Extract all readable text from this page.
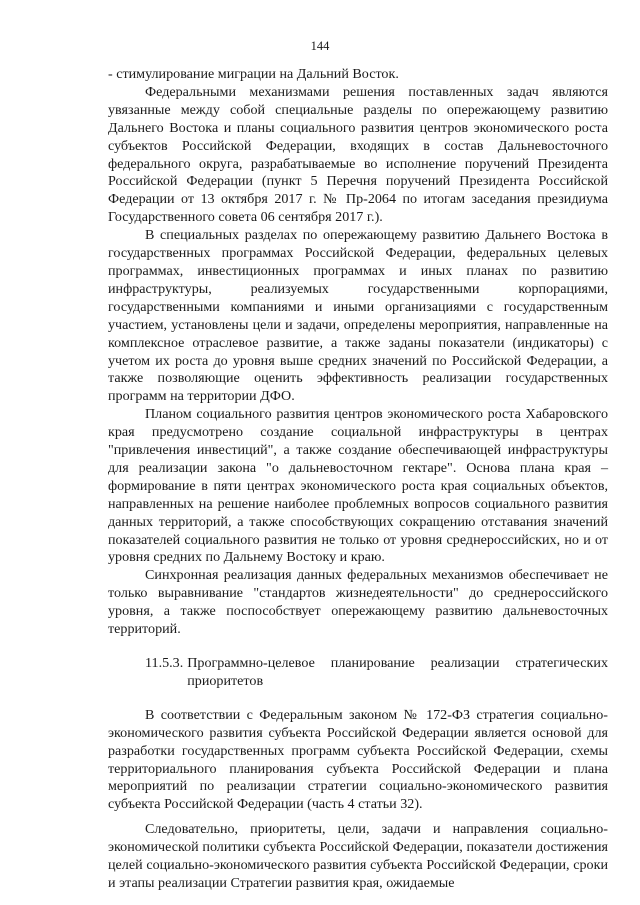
144

- стимулирование миграции на Дальний Восток.

Федеральными механизмами решения поставленных задач являются увязанные между собой специальные разделы по опережающему развитию Дальнего Востока и планы социального развития центров экономического роста субъектов Российской Федерации, входящих в состав Дальневосточного федерального округа, разрабатываемые во исполнение поручений Президента Российской Федерации (пункт 5 Перечня поручений Президента Российской Федерации от 13 октября 2017 г. № Пр-2064 по итогам заседания президиума Государственного совета 06 сентября 2017 г.).

В специальных разделах по опережающему развитию Дальнего Востока в государственных программах Российской Федерации, федеральных целевых программах, инвестиционных программах и иных планах по развитию инфраструктуры, реализуемых государственными корпорациями, государственными компаниями и иными организациями с государственным участием, установлены цели и задачи, определены мероприятия, направленные на комплексное отраслевое развитие, а также заданы показатели (индикаторы) с учетом их роста до уровня выше средних значений по Российской Федерации, а также позволяющие оценить эффективность реализации государственных программ на территории ДФО.

Планом социального развития центров экономического роста Хабаровского края предусмотрено создание социальной инфраструктуры в центрах "привлечения инвестиций", а также создание обеспечивающей инфраструктуры для реализации закона "о дальневосточном гектаре". Основа плана края – формирование в пяти центрах экономического роста края социальных объектов, направленных на решение наиболее проблемных вопросов социального развития данных территорий, а также способствующих сокращению отставания значений показателей социального развития не только от уровня среднероссийских, но и от уровня средних по Дальнему Востоку и краю.

Синхронная реализация данных федеральных механизмов обеспечивает не только выравнивание "стандартов жизнедеятельности" до среднероссийского уровня, а также поспособствует опережающему развитию дальневосточных территорий.

11.5.3. Программно-целевое планирование реализации стратегических приоритетов

В соответствии с Федеральным законом № 172-ФЗ стратегия социально-экономического развития субъекта Российской Федерации является основой для разработки государственных программ субъекта Российской Федерации, схемы территориального планирования субъекта Российской Федерации и плана мероприятий по реализации стратегии социально-экономического развития субъекта Российской Федерации (часть 4 статьи 32).

Следовательно, приоритеты, цели, задачи и направления социально-экономической политики субъекта Российской Федерации, показатели достижения целей социально-экономического развития субъекта Российской Федерации, сроки и этапы реализации Стратегии развития края, ожидаемые
